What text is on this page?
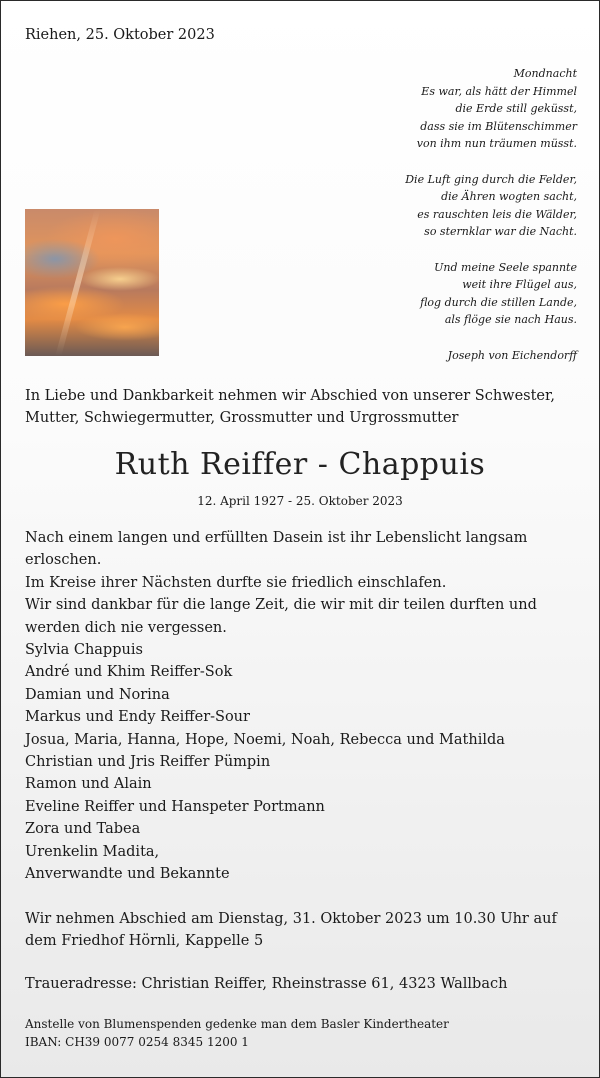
Riehen, 25. Oktober 2023
Mondnacht
Es war, als hätt der Himmel
die Erde still geküsst,
dass sie im Blütenschimmer
von ihm nun träumen müsst.
Die Luft ging durch die Felder,
die Ähren wogten sacht,
es rauschten leis die Wälder,
so sternklar war die Nacht.
Und meine Seele spannte
weit ihre Flügel aus,
flog durch die stillen Lande,
als flöge sie nach Haus.
Joseph von Eichendorff
In Liebe und Dankbarkeit nehmen wir Abschied von unserer Schwester, Mutter, Schwiegermutter, Grossmutter und Urgrossmutter
Ruth Reiffer - Chappuis
12. April 1927 - 25. Oktober 2023
Nach einem langen und erfüllten Dasein ist ihr Lebenslicht langsam erloschen.
Im Kreise ihrer Nächsten durfte sie friedlich einschlafen.
Wir sind dankbar für die lange Zeit, die wir mit dir teilen durften und werden dich nie vergessen.
Sylvia Chappuis
André und Khim Reiffer-Sok
Damian und Norina
Markus und Endy Reiffer-Sour
Josua, Maria, Hanna, Hope, Noemi, Noah, Rebecca und Mathilda
Christian und Jris Reiffer Pümpin
Ramon und Alain
Eveline Reiffer und Hanspeter Portmann
Zora und Tabea
Urenkelin Madita,
Anverwandte und Bekannte
Wir nehmen Abschied am Dienstag, 31. Oktober 2023 um 10.30 Uhr auf dem Friedhof Hörnli, Kappelle 5
Traueradresse: Christian Reiffer, Rheinstrasse 61, 4323 Wallbach
Anstelle von Blumenspenden gedenke man dem Basler Kindertheater
IBAN: CH39 0077 0254 8345 1200 1
